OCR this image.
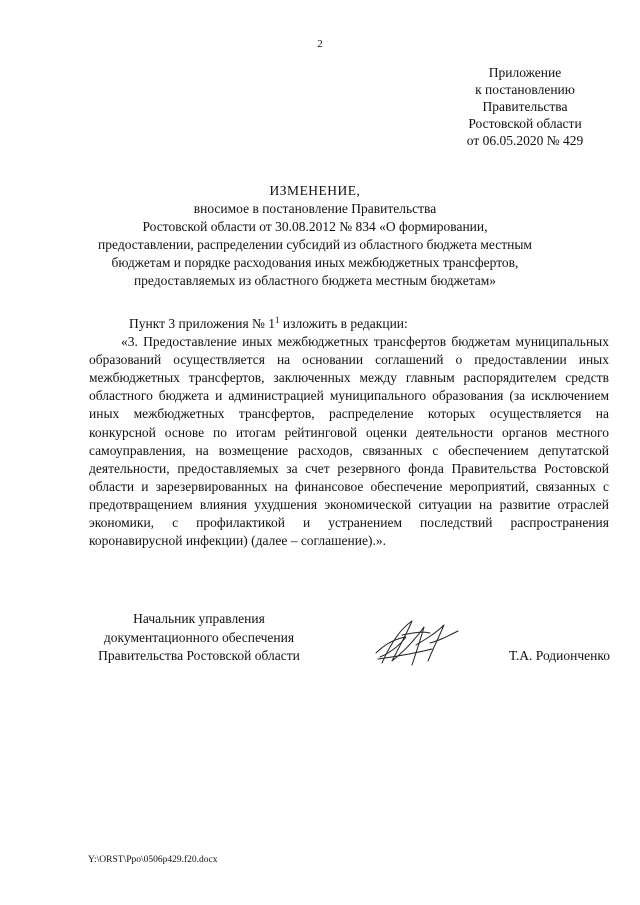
2
Приложение
к постановлению
Правительства
Ростовской области
от 06.05.2020 № 429
ИЗМЕНЕНИЕ,
вносимое в постановление Правительства
Ростовской области от 30.08.2012 № 834 «О формировании,
предоставлении, распределении субсидий из областного бюджета местным
бюджетам и порядке расходования иных межбюджетных трансфертов,
предоставляемых из областного бюджета местным бюджетам»
Пункт 3 приложения № $1^1$ изложить в редакции:

«3. Предоставление иных межбюджетных трансфертов бюджетам муниципальных образований осуществляется на основании соглашений о предоставлении иных межбюджетных трансфертов, заключенных между главным распорядителем средств областного бюджета и администрацией муниципального образования (за исключением иных межбюджетных трансфертов, распределение которых осуществляется на конкурсной основе по итогам рейтинговой оценки деятельности органов местного самоуправления, на возмещение расходов, связанных с обеспечением депутатской деятельности, предоставляемых за счет резервного фонда Правительства Ростовской области и зарезервированных на финансовое обеспечение мероприятий, связанных с предотвращением влияния ухудшения экономической ситуации на развитие отраслей экономики, с профилактикой и устранением последствий распространения коронавирусной инфекции) (далее – соглашение).».

Начальник управления
документационного обеспечения
Правительства Ростовской области	Т.А. Родионченко
Y:\ORST\Ppo\0506p429.f20.docx
